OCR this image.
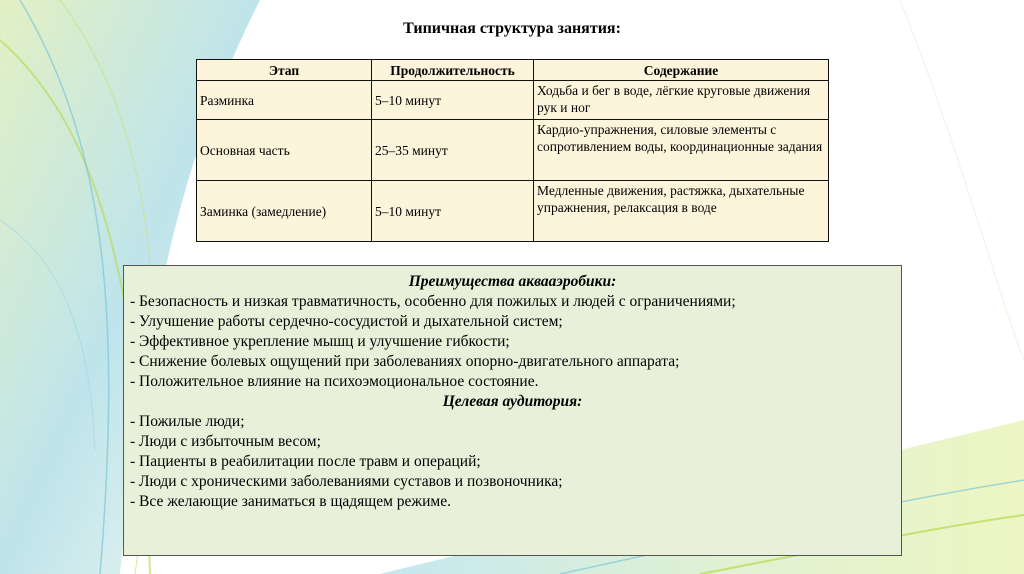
Типичная структура занятия:
Этап	Продолжительность	Содержание
Разминка	5–10 минут	Ходьба и бег в воде, лёгкие круговые движения рук и ног
Основная часть	25–35 минут	Кардио-упражнения, силовые элементы с сопротивлением воды, координационные задания
Заминка (замедление)	5–10 минут	Медленные движения, растяжка, дыхательные упражнения, релаксация в воде
Преимущества аквааэробики:
- Безопасность и низкая травматичность, особенно для пожилых и людей с ограничениями;
- Улучшение работы сердечно-сосудистой и дыхательной систем;
- Эффективное укрепление мышц и улучшение гибкости;
- Снижение болевых ощущений при заболеваниях опорно-двигательного аппарата;
- Положительное влияние на психоэмоциональное состояние.
Целевая аудитория:
- Пожилые люди;
- Люди с избыточным весом;
- Пациенты в реабилитации после травм и операций;
- Люди с хроническими заболеваниями суставов и позвоночника;
- Все желающие заниматься в щадящем режиме.
